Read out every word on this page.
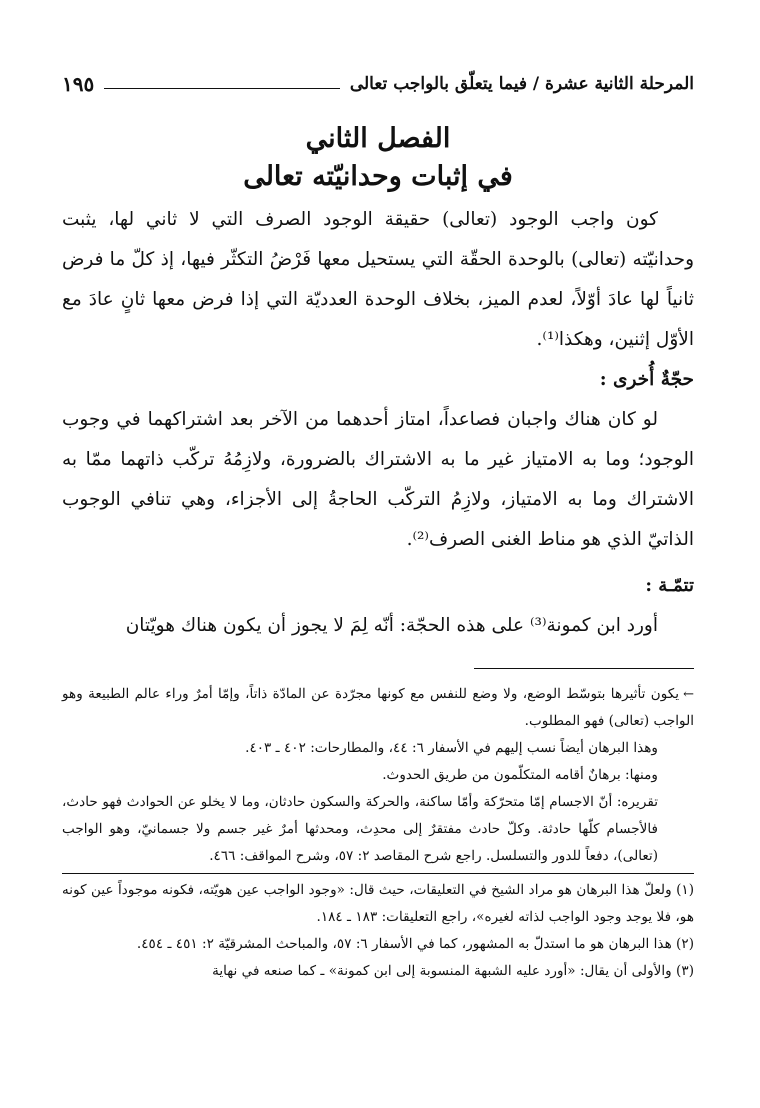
المرحلة الثانية عشرة / فيما يتعلّق بالواجب تعالى
١٩٥
الفصل الثاني
في إثبات وحدانيّته تعالى

كون واجب الوجود (تعالى) حقيقة الوجود الصرف التي لا ثاني لها، يثبت وحدانيّته (تعالى) بالوحدة الحقّة التي يستحيل معها فَرْضُ التكثّر فيها، إذ كلّ ما فرض ثانياً لها عادَ أوّلاً، لعدم الميز، بخلاف الوحدة العدديّة التي إذا فرض معها ثانٍ عادَ مع الأوّل إثنين، وهكذا⁽¹⁾.

حجّةٌ أُخرى :

لو كان هناك واجبان فصاعداً، امتاز أحدهما من الآخر بعد اشتراكهما في وجوب الوجود؛ وما به الامتياز غير ما به الاشتراك بالضرورة، ولازِمُهُ تركّب ذاتهما ممّا به الاشتراك وما به الامتياز، ولازِمُ التركّب الحاجةُ إلى الأجزاء، وهي تنافي الوجوب الذاتيّ الذي هو مناط الغنى الصرف⁽²⁾.

تتمّـة :

أورد ابن كمونة⁽³⁾ على هذه الحجّة: أنّه لِمَ لا يجوز أن يكون هناك هويّتان

←يكون تأثيرها بتوسّط الوضع، ولا وضع للنفس مع كونها مجرّدة عن المادّة ذاتاً، وإمّا أمرٌ وراء عالم الطبيعة وهو الواجب (تعالى) فهو المطلوب.

وهذا البرهان أيضاً نسب إليهم في الأسفار ٦: ٤٤، والمطارحات: ٤٠٢ ـ ٤٠٣.

ومنها: برهانٌ أقامه المتكلّمون من طريق الحدوث.

تقريره: أنّ الاجسام إمّا متحرّكة وأمّا ساكنة، والحركة والسكون حادثان، وما لا يخلو عن الحوادث فهو حادث، فالأجسام كلّها حادثة. وكلّ حادث مفتقرٌ إلى محدِث، ومحدثها أمرٌ غير جسم ولا جسمانيّ، وهو الواجب (تعالى)، دفعاً للدور والتسلسل. راجع شرح المقاصد ٢: ٥٧، وشرح المواقف: ٤٦٦.

(١) ولعلّ هذا البرهان هو مراد الشيخ في التعليقات، حيث قال: «وجود الواجب عين هويّته، فكونه موجوداً عين كونه هو، فلا يوجد وجود الواجب لذاته لغيره»، راجع التعليقات: ١٨٣ ـ ١٨٤.

(٢) هذا البرهان هو ما استدلّ به المشهور، كما في الأسفار ٦: ٥٧، والمباحث المشرقيّة ٢: ٤٥١ ـ ٤٥٤.

(٣) والأولى أن يقال: «أورد عليه الشبهة المنسوبة إلى ابن كمونة» ـ كما صنعه في نهاية
